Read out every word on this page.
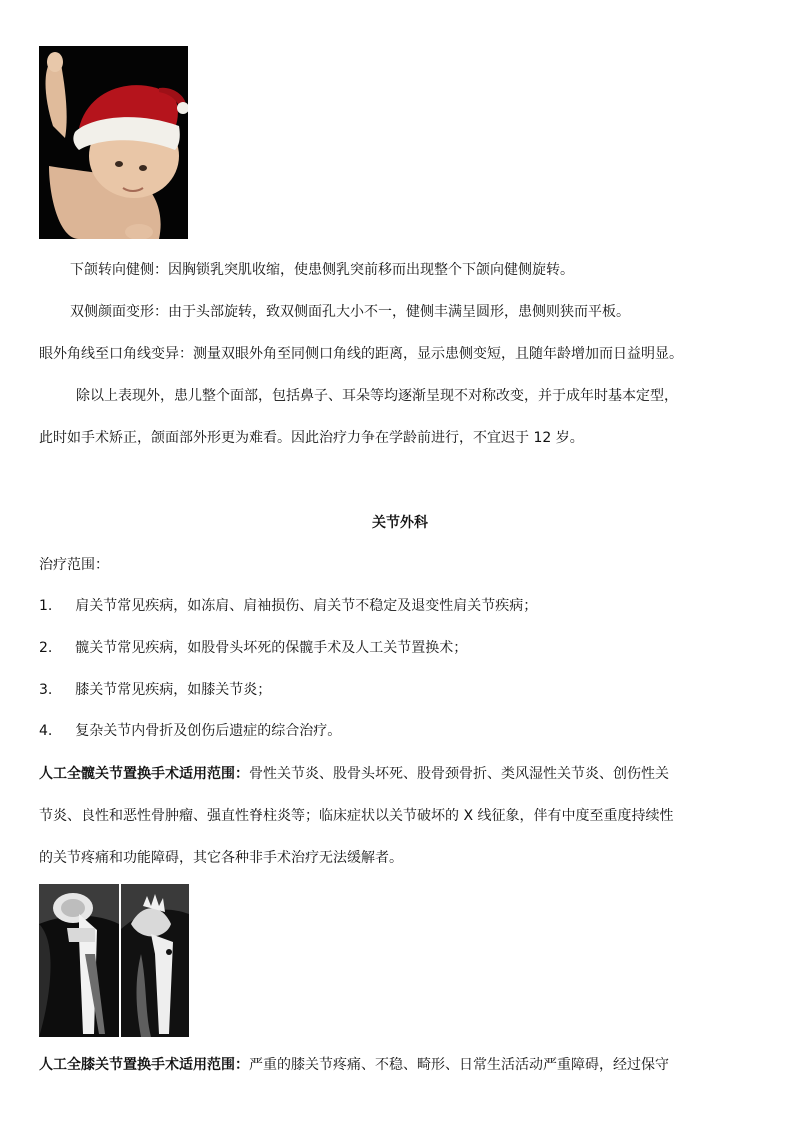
下颌转向健侧：因胸锁乳突肌收缩，使患侧乳突前移而出现整个下颌向健侧旋转。
双侧颜面变形：由于头部旋转，致双侧面孔大小不一，健侧丰满呈圆形，患侧则狭而平板。
眼外角线至口角线变异：测量双眼外角至同侧口角线的距离，显示患侧变短，且随年龄增加而日益明显。
除以上表现外，患儿整个面部，包括鼻子、耳朵等均逐渐呈现不对称改变，并于成年时基本定型，
此时如手术矫正，颌面部外形更为难看。因此治疗力争在学龄前进行，不宜迟于 12 岁。
关节外科
治疗范围：
1. 肩关节常见疾病，如冻肩、肩袖损伤、肩关节不稳定及退变性肩关节疾病；
2. 髋关节常见疾病，如股骨头坏死的保髋手术及人工关节置换术；
3. 膝关节常见疾病，如膝关节炎；
4. 复杂关节内骨折及创伤后遗症的综合治疗。
人工全髋关节置换手术适用范围：骨性关节炎、股骨头坏死、股骨颈骨折、类风湿性关节炎、创伤性关
节炎、良性和恶性骨肿瘤、强直性脊柱炎等；临床症状以关节破坏的 X 线征象，伴有中度至重度持续性
的关节疼痛和功能障碍，其它各种非手术治疗无法缓解者。
人工全膝关节置换手术适用范围：严重的膝关节疼痛、不稳、畸形、日常生活活动严重障碍，经过保守
